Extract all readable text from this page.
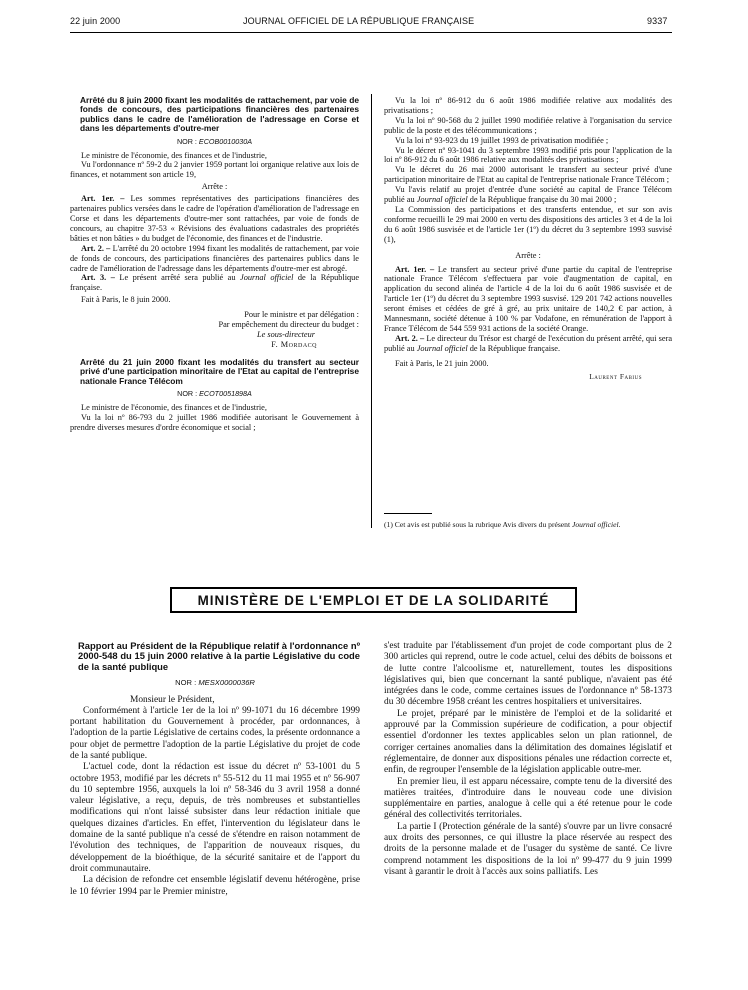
22 juin 2000	JOURNAL OFFICIEL DE LA RÉPUBLIQUE FRANÇAISE	9337

Arrêté du 8 juin 2000 fixant les modalités de rattachement, par voie de fonds de concours, des participations financières des partenaires publics dans le cadre de l'amélioration de l'adressage en Corse et dans les départements d'outre-mer

NOR : ECOB0010030A

Le ministre de l'économie, des finances et de l'industrie,

Vu l'ordonnance nº 59-2 du 2 janvier 1959 portant loi organique relative aux lois de finances, et notamment son article 19,

Arrête :

Art. 1er. – Les sommes représentatives des participations financières des partenaires publics versées dans le cadre de l'opération d'amélioration de l'adressage en Corse et dans les départements d'outre-mer sont rattachées, par voie de fonds de concours, au chapitre 37-53 « Révisions des évaluations cadastrales des propriétés bâties et non bâties » du budget de l'économie, des finances et de l'industrie.

Art. 2. – L'arrêté du 20 octobre 1994 fixant les modalités de rattachement, par voie de fonds de concours, des participations financières des partenaires publics dans le cadre de l'amélioration de l'adressage dans les départements d'outre-mer est abrogé.

Art. 3. – Le présent arrêté sera publié au Journal officiel de la République française.

Fait à Paris, le 8 juin 2000.

Pour le ministre et par délégation :

Par empêchement du directeur du budget :

Le sous-directeur

F. Mordacq

Arrêté du 21 juin 2000 fixant les modalités du transfert au secteur privé d'une participation minoritaire de l'Etat au capital de l'entreprise nationale France Télécom

NOR : ECOT0051898A

Le ministre de l'économie, des finances et de l'industrie,

Vu la loi nº 86-793 du 2 juillet 1986 modifiée autorisant le Gouvernement à prendre diverses mesures d'ordre économique et social ;

Vu la loi nº 86-912 du 6 août 1986 modifiée relative aux modalités des privatisations ;

Vu la loi nº 90-568 du 2 juillet 1990 modifiée relative à l'organisation du service public de la poste et des télécommunications ;

Vu la loi nº 93-923 du 19 juillet 1993 de privatisation modifiée ;

Vu le décret nº 93-1041 du 3 septembre 1993 modifié pris pour l'application de la loi nº 86-912 du 6 août 1986 relative aux modalités des privatisations ;

Vu le décret du 26 mai 2000 autorisant le transfert au secteur privé d'une participation minoritaire de l'Etat au capital de l'entreprise nationale France Télécom ;

Vu l'avis relatif au projet d'entrée d'une société au capital de France Télécom publié au Journal officiel de la République française du 30 mai 2000 ;

La Commission des participations et des transferts entendue, et sur son avis conforme recueilli le 29 mai 2000 en vertu des dispositions des articles 3 et 4 de la loi du 6 août 1986 susvisée et de l'article 1er (1º) du décret du 3 septembre 1993 susvisé (1),

Arrête :

Art. 1er. – Le transfert au secteur privé d'une partie du capital de l'entreprise nationale France Télécom s'effectuera par voie d'augmentation de capital, en application du second alinéa de l'article 4 de la loi du 6 août 1986 susvisée et de l'article 1er (1º) du décret du 3 septembre 1993 susvisé. 129 201 742 actions nouvelles seront émises et cédées de gré à gré, au prix unitaire de 140,2 € par action, à Mannesmann, société détenue à 100 % par Vodafone, en rémunération de l'apport à France Télécom de 544 559 931 actions de la société Orange.

Art. 2. – Le directeur du Trésor est chargé de l'exécution du présent arrêté, qui sera publié au Journal officiel de la République française.

Fait à Paris, le 21 juin 2000.

Laurent Fabius

(1) Cet avis est publié sous la rubrique Avis divers du présent Journal officiel.
MINISTÈRE DE L'EMPLOI ET DE LA SOLIDARITÉ

Rapport au Président de la République relatif à l'ordonnance nº 2000-548 du 15 juin 2000 relative à la partie Législative du code de la santé publique

NOR : MESX0000036R

Monsieur le Président,

Conformément à l'article 1er de la loi nº 99-1071 du 16 décembre 1999 portant habilitation du Gouvernement à procéder, par ordonnances, à l'adoption de la partie Législative de certains codes, la présente ordonnance a pour objet de permettre l'adoption de la partie Législative du projet de code de la santé publique.

L'actuel code, dont la rédaction est issue du décret nº 53-1001 du 5 octobre 1953, modifié par les décrets nº 55-512 du 11 mai 1955 et nº 56-907 du 10 septembre 1956, auxquels la loi nº 58-346 du 3 avril 1958 a donné valeur législative, a reçu, depuis, de très nombreuses et substantielles modifications qui n'ont laissé subsister dans leur rédaction initiale que quelques dizaines d'articles. En effet, l'intervention du législateur dans le domaine de la santé publique n'a cessé de s'étendre en raison notamment de l'évolution des techniques, de l'apparition de nouveaux risques, du développement de la bioéthique, de la sécurité sanitaire et de l'apport du droit communautaire.

La décision de refondre cet ensemble législatif devenu hétérogène, prise le 10 février 1994 par le Premier ministre,

s'est traduite par l'établissement d'un projet de code comportant plus de 2 300 articles qui reprend, outre le code actuel, celui des débits de boissons et de lutte contre l'alcoolisme et, naturellement, toutes les dispositions législatives qui, bien que concernant la santé publique, n'avaient pas été intégrées dans le code, comme certaines issues de l'ordonnance nº 58-1373 du 30 décembre 1958 créant les centres hospitaliers et universitaires.

Le projet, préparé par le ministère de l'emploi et de la solidarité et approuvé par la Commission supérieure de codification, a pour objectif essentiel d'ordonner les textes applicables selon un plan rationnel, de corriger certaines anomalies dans la délimitation des domaines législatif et réglementaire, de donner aux dispositions pénales une rédaction correcte et, enfin, de regrouper l'ensemble de la législation applicable outre-mer.

En premier lieu, il est apparu nécessaire, compte tenu de la diversité des matières traitées, d'introduire dans le nouveau code une division supplémentaire en parties, analogue à celle qui a été retenue pour le code général des collectivités territoriales.

La partie I (Protection générale de la santé) s'ouvre par un livre consacré aux droits des personnes, ce qui illustre la place réservée au respect des droits de la personne malade et de l'usager du système de santé. Ce livre comprend notamment les dispositions de la loi nº 99-477 du 9 juin 1999 visant à garantir le droit à l'accès aux soins palliatifs. Les
